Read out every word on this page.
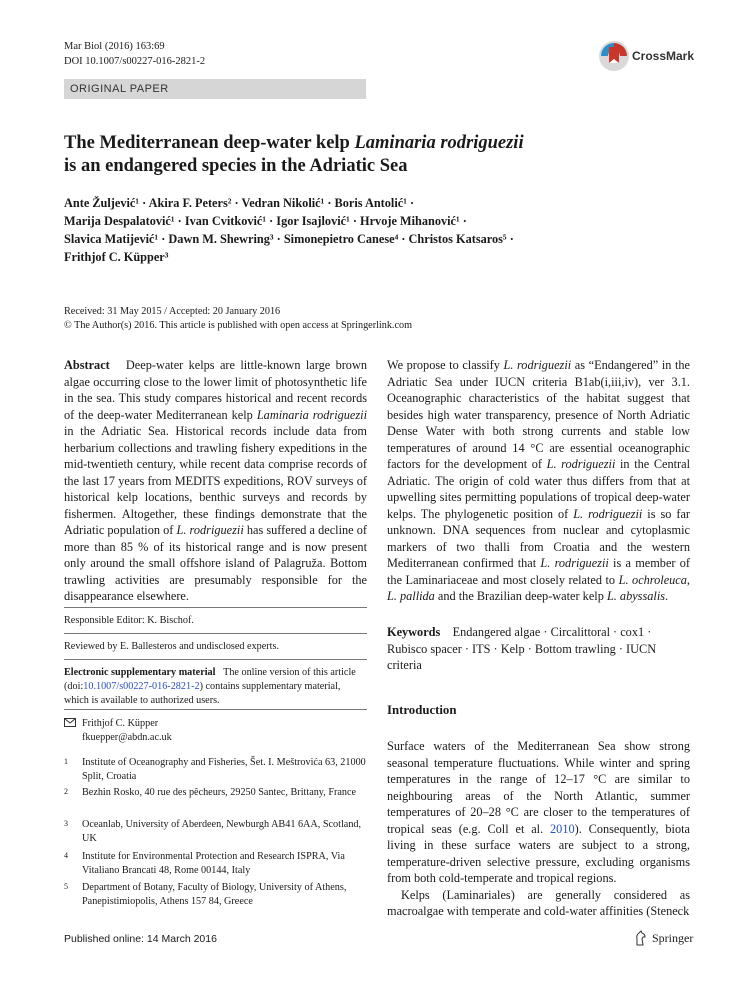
Mar Biol (2016) 163:69
DOI 10.1007/s00227-016-2821-2	CrossMark
ORIGINAL PAPER
The Mediterranean deep-water kelp Laminaria rodriguezii
is an endangered species in the Adriatic Sea
Ante Žuljević¹ · Akira F. Peters² · Vedran Nikolić¹ · Boris Antolić¹ ·
Marija Despalatović¹ · Ivan Cvitković¹ · Igor Isajlović¹ · Hrvoje Mihanović¹ ·
Slavica Matijević¹ · Dawn M. Shewring³ · Simonepietro Canese⁴ · Christos Katsaros⁵ ·
Frithjof C. Küpper³
Received: 31 May 2015 / Accepted: 20 January 2016
© The Author(s) 2016. This article is published with open access at Springerlink.com
Abstract Deep-water kelps are little-known large brown algae occurring close to the lower limit of photosynthetic life in the sea. This study compares historical and recent records of the deep-water Mediterranean kelp Laminaria rodriguezii in the Adriatic Sea. Historical records include data from herbarium collections and trawling fishery expeditions in the mid-twentieth century, while recent data comprise records of the last 17 years from MEDITS expeditions, ROV surveys of historical kelp locations, benthic surveys and records by fishermen. Altogether, these findings demonstrate that the Adriatic population of L. rodriguezii has suffered a decline of more than 85 % of its historical range and is now present only around the small offshore island of Palagruža. Bottom trawling activities are presumably responsible for the disappearance elsewhere.
Responsible Editor: K. Bischof.
Reviewed by E. Ballesteros and undisclosed experts.
Electronic supplementary material The online version of this article (doi:10.1007/s00227-016-2821-2) contains supplementary material, which is available to authorized users.
Frithjof C. Küpper
fkuepper@abdn.ac.uk
1 Institute of Oceanography and Fisheries, Šet. I. Meštrovića 63, 21000 Split, Croatia
2 Bezhin Rosko, 40 rue des pêcheurs, 29250 Santec, Brittany, France
3 Oceanlab, University of Aberdeen, Newburgh AB41 6AA, Scotland, UK
4 Institute for Environmental Protection and Research ISPRA, Via Vitaliano Brancati 48, Rome 00144, Italy
5 Department of Botany, Faculty of Biology, University of Athens, Panepistimiopolis, Athens 157 84, Greece
We propose to classify L. rodriguezii as “Endangered” in the Adriatic Sea under IUCN criteria B1ab(i,iii,iv), ver 3.1. Oceanographic characteristics of the habitat suggest that besides high water transparency, presence of North Adriatic Dense Water with both strong currents and stable low temperatures of around 14 °C are essential oceanographic factors for the development of L. rodriguezii in the Central Adriatic. The origin of cold water thus differs from that at upwelling sites permitting populations of tropical deep-water kelps. The phylogenetic position of L. rodriguezii is so far unknown. DNA sequences from nuclear and cytoplasmic markers of two thalli from Croatia and the western Mediterranean confirmed that L. rodriguezii is a member of the Laminariaceae and most closely related to L. ochroleuca, L. pallida and the Brazilian deep-water kelp L. abyssalis.
Keywords Endangered algae · Circalittoral · cox1 · Rubisco spacer · ITS · Kelp · Bottom trawling · IUCN criteria
Introduction
Surface waters of the Mediterranean Sea show strong seasonal temperature fluctuations. While winter and spring temperatures in the range of 12–17 °C are similar to neighbouring areas of the North Atlantic, summer temperatures of 20–28 °C are closer to the temperatures of tropical seas (e.g. Coll et al. 2010). Consequently, biota living in these surface waters are subject to a strong, temperature-driven selective pressure, excluding organisms from both cold-temperate and tropical regions.
Kelps (Laminariales) are generally considered as macroalgae with temperate and cold-water affinities (Steneck
Published online: 14 March 2016	Springer
